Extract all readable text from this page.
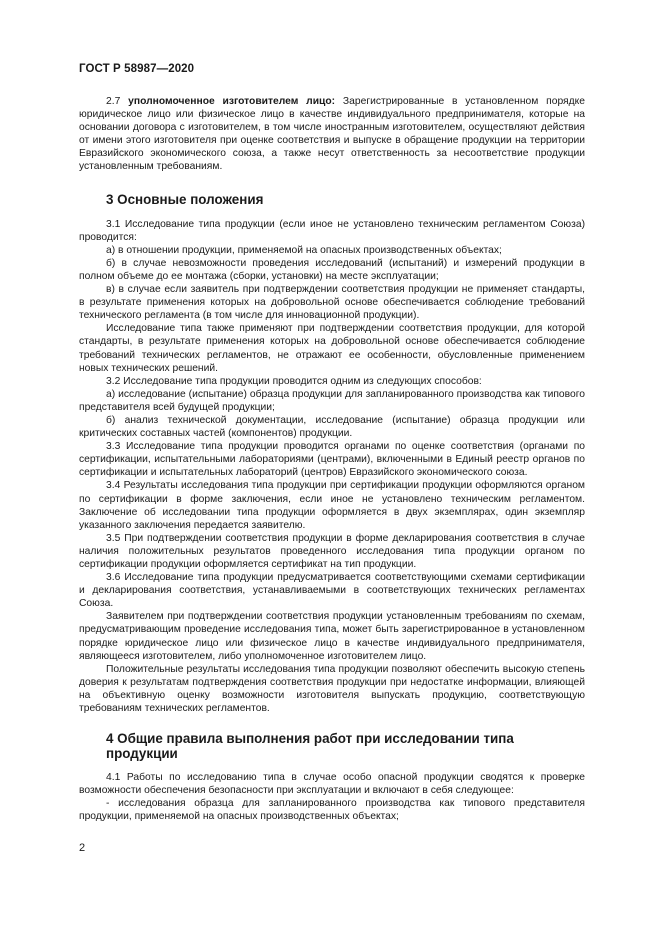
ГОСТ Р 58987—2020

2.7 уполномоченное изготовителем лицо: Зарегистрированные в установленном порядке юридическое лицо или физическое лицо в качестве индивидуального предпринимателя, которые на основании договора с изготовителем, в том числе иностранным изготовителем, осуществляют действия от имени этого изготовителя при оценке соответствия и выпуске в обращение продукции на территории Евразийского экономического союза, а также несут ответственность за несоответствие продукции установленным требованиям.

3 Основные положения

3.1 Исследование типа продукции (если иное не установлено техническим регламентом Союза) проводится:

а) в отношении продукции, применяемой на опасных производственных объектах;

б) в случае невозможности проведения исследований (испытаний) и измерений продукции в полном объеме до ее монтажа (сборки, установки) на месте эксплуатации;

в) в случае если заявитель при подтверждении соответствия продукции не применяет стандарты, в результате применения которых на добровольной основе обеспечивается соблюдение требований технического регламента (в том числе для инновационной продукции).

Исследование типа также применяют при подтверждении соответствия продукции, для которой стандарты, в результате применения которых на добровольной основе обеспечивается соблюдение требований технических регламентов, не отражают ее особенности, обусловленные применением новых технических решений.

3.2 Исследование типа продукции проводится одним из следующих способов:

а) исследование (испытание) образца продукции для запланированного производства как типового представителя всей будущей продукции;

б) анализ технической документации, исследование (испытание) образца продукции или критических составных частей (компонентов) продукции.

3.3 Исследование типа продукции проводится органами по оценке соответствия (органами по сертификации, испытательными лабораториями (центрами), включенными в Единый реестр органов по сертификации и испытательных лабораторий (центров) Евразийского экономического союза.

3.4 Результаты исследования типа продукции при сертификации продукции оформляются органом по сертификации в форме заключения, если иное не установлено техническим регламентом. Заключение об исследовании типа продукции оформляется в двух экземплярах, один экземпляр указанного заключения передается заявителю.

3.5 При подтверждении соответствия продукции в форме декларирования соответствия в случае наличия положительных результатов проведенного исследования типа продукции органом по сертификации продукции оформляется сертификат на тип продукции.

3.6 Исследование типа продукции предусматривается соответствующими схемами сертификации и декларирования соответствия, устанавливаемыми в соответствующих технических регламентах Союза.

Заявителем при подтверждении соответствия продукции установленным требованиям по схемам, предусматривающим проведение исследования типа, может быть зарегистрированное в установленном порядке юридическое лицо или физическое лицо в качестве индивидуального предпринимателя, являющееся изготовителем, либо уполномоченное изготовителем лицо.

Положительные результаты исследования типа продукции позволяют обеспечить высокую степень доверия к результатам подтверждения соответствия продукции при недостатке информации, влияющей на объективную оценку возможности изготовителя выпускать продукцию, соответствующую требованиям технических регламентов.

4 Общие правила выполнения работ при исследовании типа продукции

4.1 Работы по исследованию типа в случае особо опасной продукции сводятся к проверке возможности обеспечения безопасности при эксплуатации и включают в себя следующее:

- исследования образца для запланированного производства как типового представителя продукции, применяемой на опасных производственных объектах;

2
